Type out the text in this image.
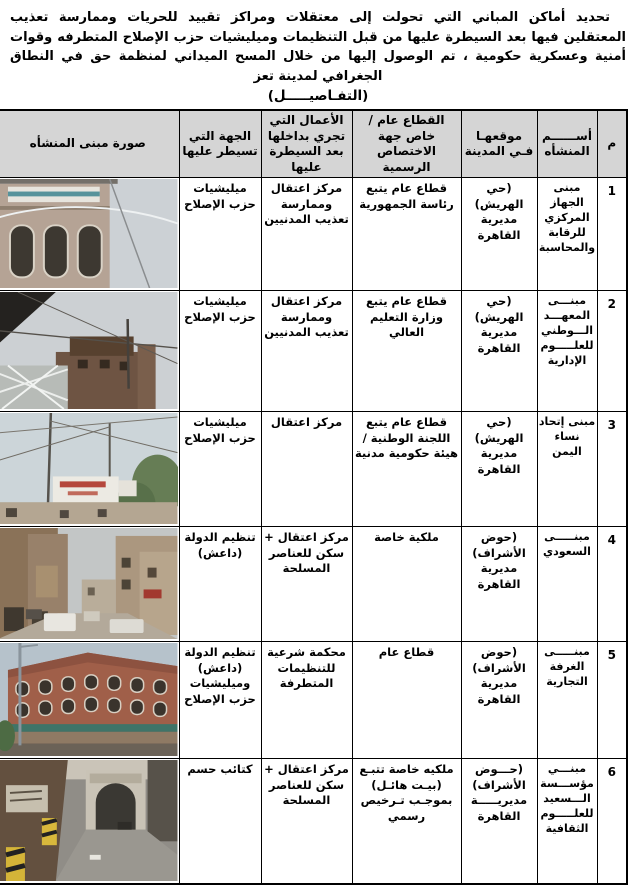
تحديد أماكن المباني التي تحولت إلى معتقلات ومراكز تقييد للحريات وممارسة تعذيب المعتقلين فيها بعد السيطرة عليها من قبل التنظيمات وميليشيات حزب الإصلاح المتطرفه وقوات أمنية وعسكرية حكومية ، تم الوصول إليها من خلال المسح الميداني لمنظمة حق في النطاق الجغرافي لمدينة تعز

(التفـاصيـــــل)

م	أســــــم المنشأه	موقعهـا فـي المدينة	القطاع عام / خاص جهة الاختصاص الرسمية	الأعمال التي تجري بداخلها بعد السيطرة عليها	الجهة التي تسيطر عليها	صورة مبنى المنشأه
1	مبنى الجهاز المركزي للرقابة والمحاسبة	(حي الهريش) مديرية القاهرة	قطاع عام يتبع رئاسة الجمهورية	مركز اعتقال وممارسة تعذيب المدنيين	ميليشيات حزب الإصلاح	

2	مبنـــى المعهـــد الـــوطني للعلـــــوم الإدارية	(حي الهريش) مديرية القاهرة	قطاع عام يتبع وزارة التعليم العالي	مركز اعتقال وممارسة تعذيب المدنيين	ميليشيات حزب الإصلاح	

3	مبنى إتحاد نساء اليمن	(حي الهريش) مديرية القاهرة	قطاع عام يتبع اللجنة الوطنية /هيئة حكومية مدنية	مركز اعتقال	ميليشيات حزب الإصلاح	

4	مبنـــــى السعودي	(حوض الأشراف) مديرية القاهرة	ملكية خاصة	مركز اعتقال + سكن للعناصر المسلحة	تنظيم الدولة (داعش)	

5	مبنـــــى الغرفة التجارية	(حوض الأشراف) مديرية القاهرة	قطاع عام	محكمة شرعية للتنظيمات المتطرفة	تنظيم الدولة (داعش) وميليشيات حزب الإصلاح	

6	مبنـــي مؤســـسة الـــسعيد للعلـــــوم الثقافية	(حـــوض الأشراف) مديريـــــة القاهرة	ملكيه خاصة تتبـع (بيـت هائـل) بموجـب تـرخيص رسمي	مركز اعتقال + سكن للعناصر المسلحة	كتائب حسم	
